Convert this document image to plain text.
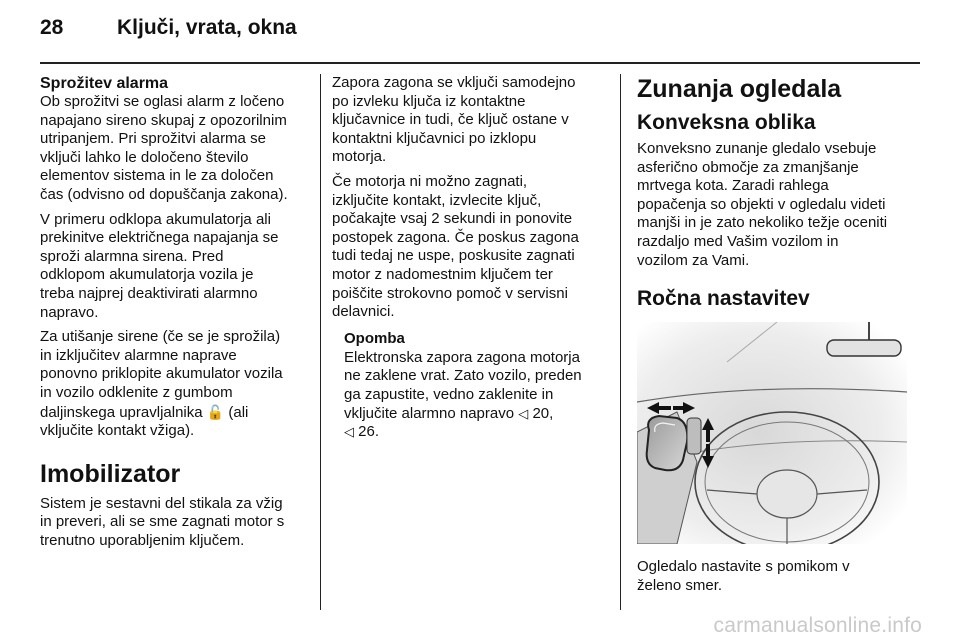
28	Ključi, vrata, okna

Sprožitev alarma

Ob sprožitvi se oglasi alarm z ločeno
napajano sireno skupaj z opozorilnim
utripanjem. Pri sprožitvi alarma se
vključi lahko le določeno število
elementov sistema in le za določen
čas (odvisno od dopuščanja zakona).

V primeru odklopa akumulatorja ali
prekinitve električnega napajanja se
sproži alarmna sirena. Pred
odklopom akumulatorja vozila je
treba najprej deaktivirati alarmno
napravo.

Za utišanje sirene (če se je sprožila)
in izključitev alarmne naprave
ponovno priklopite akumulator vozila
in vozilo odklenite z gumbom
daljinskega upravljalnika 🔓 (ali
vključite kontakt vžiga).

Imobilizator

Sistem je sestavni del stikala za vžig
in preveri, ali se sme zagnati motor s
trenutno uporabljenim ključem.

Zapora zagona se vključi samodejno
po izvleku ključa iz kontaktne
ključavnice in tudi, če ključ ostane v
kontaktni ključavnici po izklopu
motorja.

Če motorja ni možno zagnati,
izključite kontakt, izvlecite ključ,
počakajte vsaj 2 sekundi in ponovite
postopek zagona. Če poskus zagona
tudi tedaj ne uspe, poskusite zagnati
motor z nadomestnim ključem ter
poiščite strokovno pomoč v servisni
delavnici.

Opomba

Elektronska zapora zagona motorja
ne zaklene vrat. Zato vozilo, preden
ga zapustite, vedno zaklenite in
vključite alarmno napravo ◁ 20,
◁ 26.

Zunanja ogledala
Konveksna oblika

Konveksno zunanje gledalo vsebuje
asferično območje za zmanjšanje
mrtvega kota. Zaradi rahlega
popačenja so objekti v ogledalu videti
manjši in je zato nekoliko težje oceniti
razdaljo med Vašim vozilom in
vozilom za Vami.

Ročna nastavitev

Ogledalo nastavite s pomikom v
želeno smer.

carmanualsonline.info
